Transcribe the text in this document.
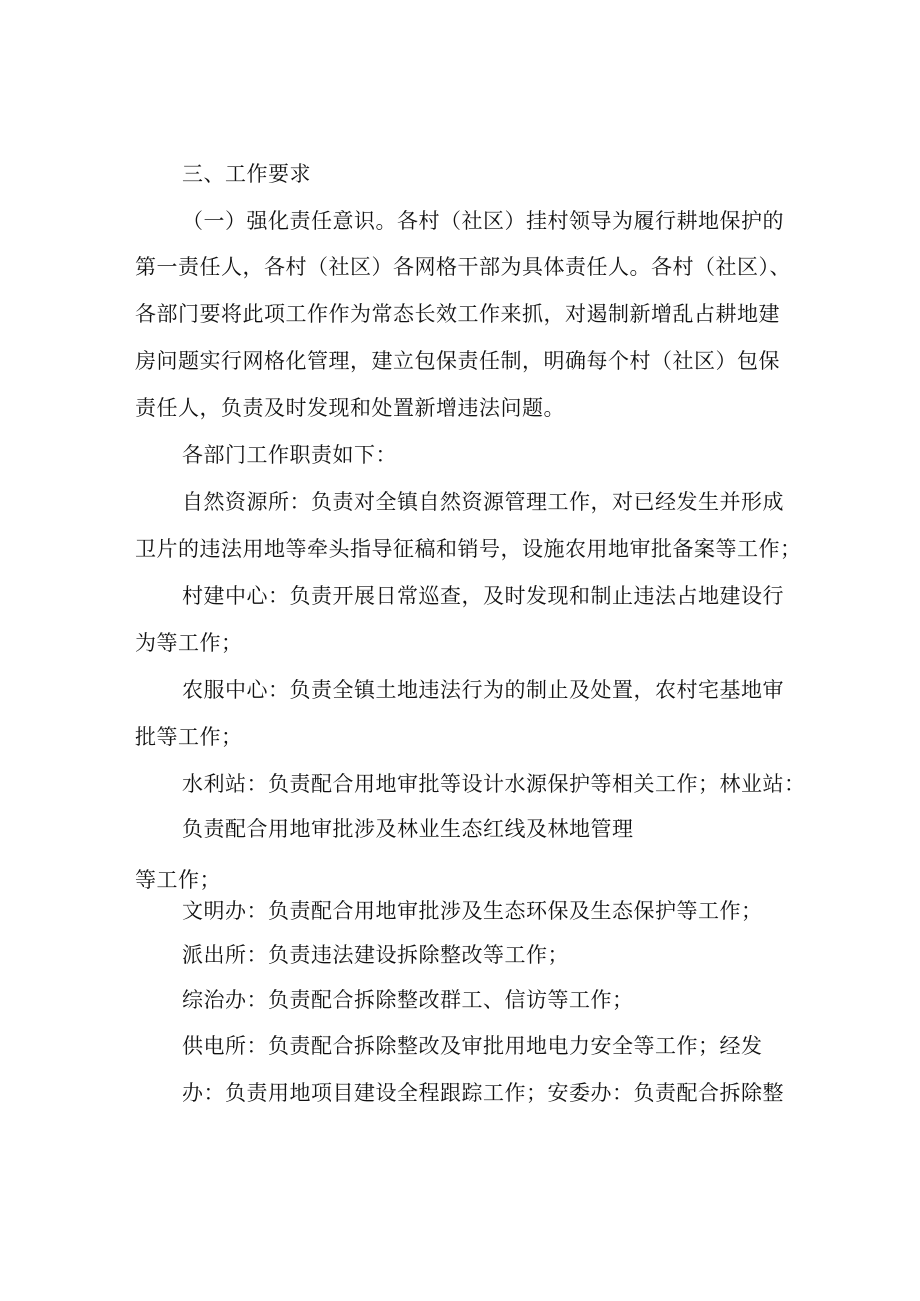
三、工作要求
（一）强化责任意识。各村（社区）挂村领导为履行耕地保护的
第一责任人，各村（社区）各网格干部为具体责任人。各村（社区）、
各部门要将此项工作作为常态长效工作来抓，对遏制新增乱占耕地建
房问题实行网格化管理，建立包保责任制，明确每个村（社区）包保
责任人，负责及时发现和处置新增违法问题。
各部门工作职责如下：
自然资源所：负责对全镇自然资源管理工作，对已经发生并形成
卫片的违法用地等牵头指导征稿和销号，设施农用地审批备案等工作；
村建中心：负责开展日常巡查，及时发现和制止违法占地建设行
为等工作；
农服中心：负责全镇土地违法行为的制止及处置，农村宅基地审
批等工作；
水利站：负责配合用地审批等设计水源保护等相关工作；林业站：
负责配合用地审批涉及林业生态红线及林地管理
等工作；
文明办：负责配合用地审批涉及生态环保及生态保护等工作；
派出所：负责违法建设拆除整改等工作；
综治办：负责配合拆除整改群工、信访等工作；
供电所：负责配合拆除整改及审批用地电力安全等工作；经发
办：负责用地项目建设全程跟踪工作；安委办：负责配合拆除整
